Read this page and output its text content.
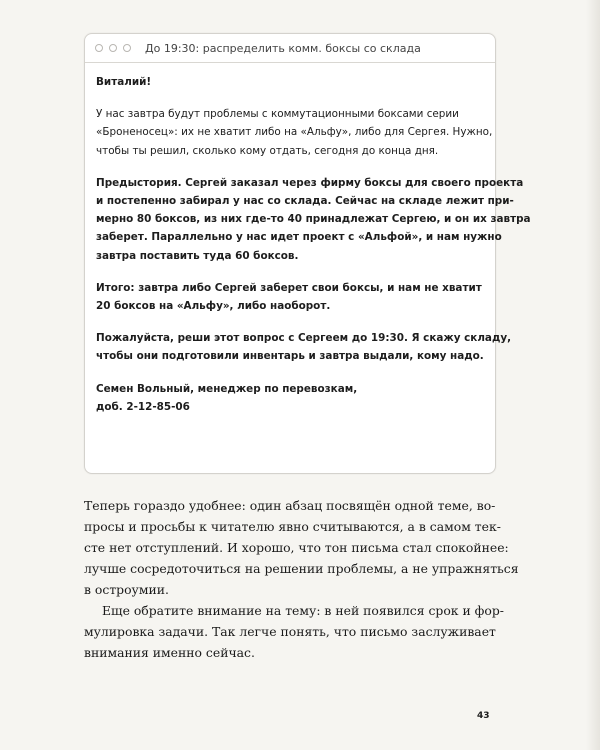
До 19:30: распределить комм. боксы со склада

Виталий!

У нас завтра будут проблемы с коммутационными боксами серии
«Броненосец»: их не хватит либо на «Альфу», либо для Сергея. Нужно,
чтобы ты решил, сколько кому отдать, сегодня до конца дня.

Предыстория. Сергей заказал через фирму боксы для своего проекта
и постепенно забирал у нас со склада. Сейчас на складе лежит при-
мерно 80 боксов, из них где-то 40 принадлежат Сергею, и он их завтра
заберет. Параллельно у нас идет проект с «Альфой», и нам нужно
завтра поставить туда 60 боксов.

Итого: завтра либо Сергей заберет свои боксы, и нам не хватит
20 боксов на «Альфу», либо наоборот.

Пожалуйста, реши этот вопрос с Сергеем до 19:30. Я скажу складу,
чтобы они подготовили инвентарь и завтра выдали, кому надо.

Семен Вольный, менеджер по перевозкам,
доб. 2-12-85-06

Теперь гораздо удобнее: один абзац посвящён одной теме, во-
просы и просьбы к читателю явно считываются, а в самом тек-
сте нет отступлений. И хорошо, что тон письма стал спокойнее:
лучше сосредоточиться на решении проблемы, а не упражняться
в остроумии.

Еще обратите внимание на тему: в ней появился срок и фор-
мулировка задачи. Так легче понять, что письмо заслуживает
внимания именно сейчас.

43
